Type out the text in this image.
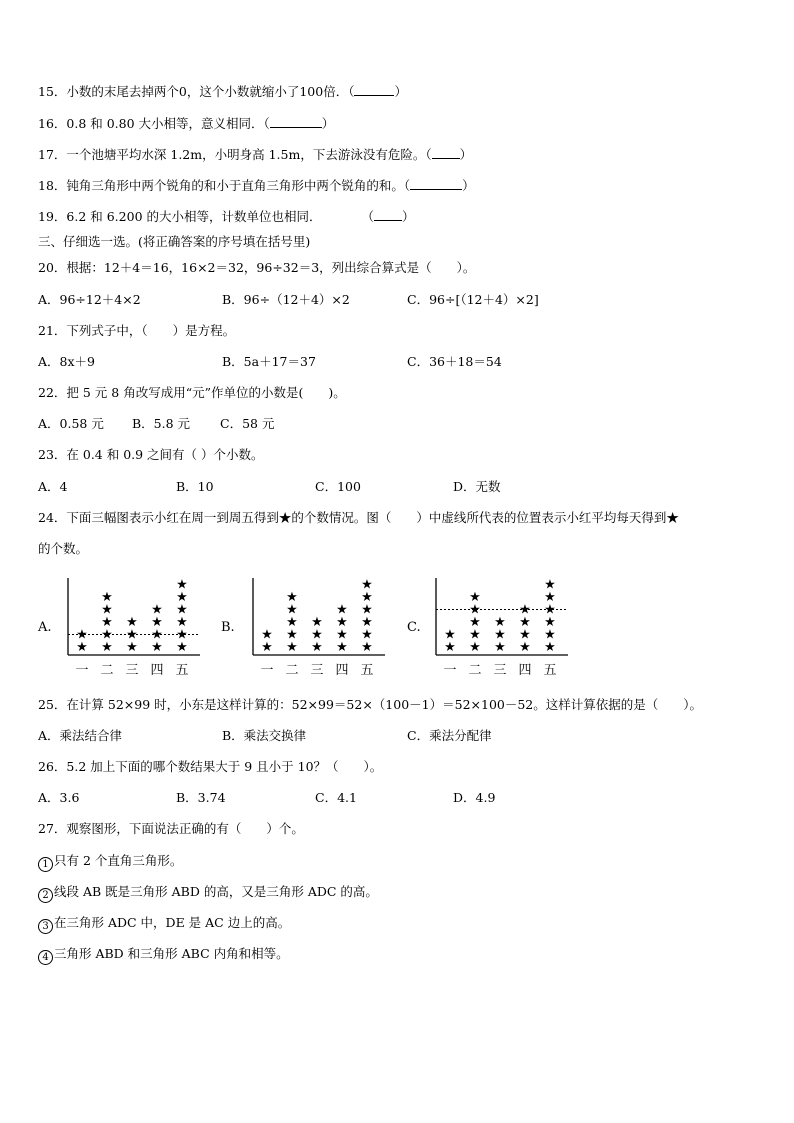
15．小数的末尾去掉两个0，这个小数就缩小了100倍．（	）
16．0.8 和 0.80 大小相等，意义相同．（	）
17．一个池塘平均水深 1.2m，小明身高 1.5m，下去游泳没有危险。（ ）
18．钝角三角形中两个锐角的和小于直角三角形中两个锐角的和。（	）
19．6.2 和 6.200 的大小相等，计数单位也相同．	（ ）
三、仔细选一选。(将正确答案的序号填在括号里)
20．根据：12＋4＝16，16×2＝32，96÷32＝3，列出综合算式是（　　）。
A．96÷12＋4×2	B．96÷（12＋4）×2	C．96÷[（12＋4）×2]
21．下列式子中，（　　）是方程。
A．8x＋9	B．5a＋17＝37	C．36＋18＝54
22．把 5 元 8 角改写成用“元”作单位的小数是(　　)。
A．0.58 元 B．5.8 元 C．58 元
23．在 0.4 和 0.9 之间有（ ）个小数。
A．4	B．10	C．100	D．无数
24．下面三幅图表示小红在周一到周五得到★的个数情况。图（　　）中虚线所代表的位置表示小红平均每天得到★
的个数。
A.	B.	C.
★
★
一
★
★
★
★
★
二
★
★
★
三
★
★
★
★
四
★
★
★
★
★
★
五
★
★
一
★
★
★
★
★
二
★
★
★
三
★
★
★
★
四
★
★
★
★
★
★
五
★
★
一
★
★
★
★
★
二
★
★
★
三
★
★
★
★
四
★
★
★
★
★
★
五
25．在计算 52×99 时，小东是这样计算的：52×99＝52×（100－1）＝52×100－52。这样计算依据的是（　　）。
A．乘法结合律	B．乘法交换律	C．乘法分配律
26．5.2 加上下面的哪个数结果大于 9 且小于 10？（　　）。
A．3.6	B．3.74	C．4.1	D．4.9
27．观察图形，下面说法正确的有（　　）个。
1 只有 2 个直角三角形。
2 线段 AB 既是三角形 ABD 的高，又是三角形 ADC 的高。
3 在三角形 ADC 中，DE 是 AC 边上的高。
4 三角形 ABD 和三角形 ABC 内角和相等。
